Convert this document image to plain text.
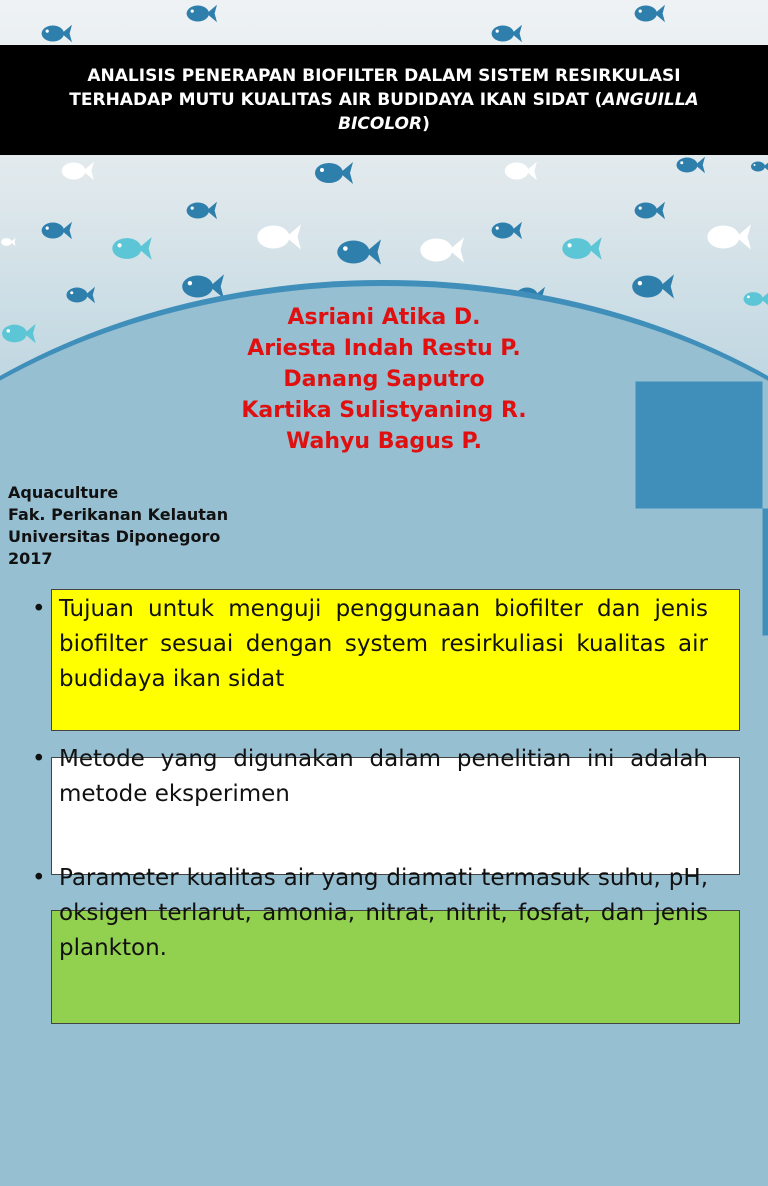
ANALISIS PENERAPAN BIOFILTER DALAM SISTEM RESIRKULASI
TERHADAP MUTU KUALITAS AIR BUDIDAYA IKAN SIDAT (ANGUILLA BICOLOR)
Asriani Atika D.
Ariesta Indah Restu P.
Danang Saputro
Kartika Sulistyaning R.
Wahyu Bagus P.
Aquaculture
Fak. Perikanan Kelautan
Universitas Diponegoro
2017
• Tujuan untuk menguji penggunaan biofilter dan jenis biofilter sesuai dengan system resirkuliasi kualitas air budidaya ikan sidat
• Metode yang digunakan dalam penelitian ini adalah metode eksperimen
• Parameter kualitas air yang diamati termasuk suhu, pH, oksigen terlarut, amonia, nitrat, nitrit, fosfat, dan jenis plankton.
